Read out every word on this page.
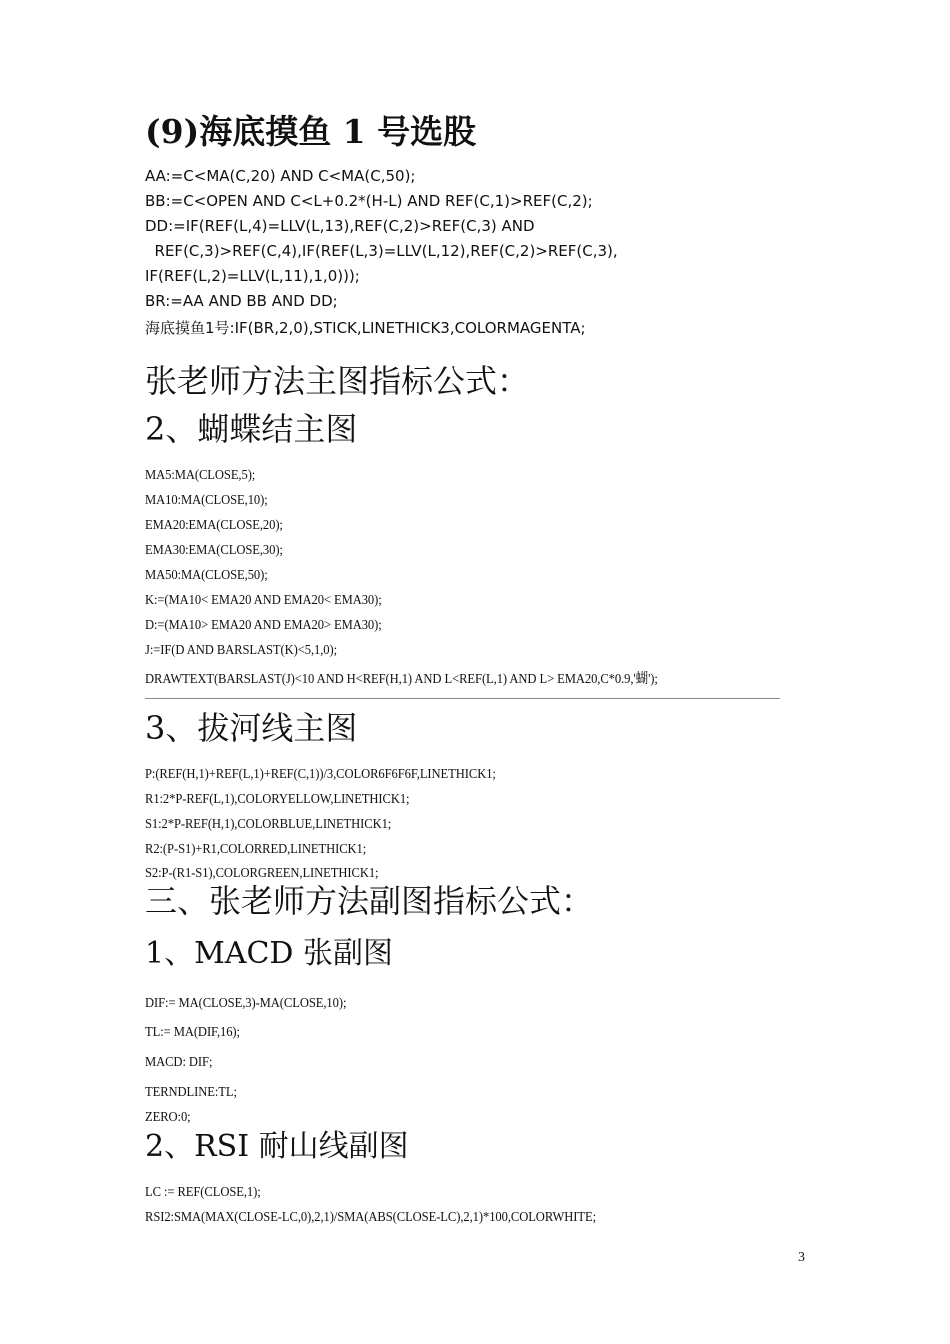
(9)海底摸鱼 1 号选股
AA:=C<MA(C,20) AND C<MA(C,50);
BB:=C<OPEN AND C<L+0.2*(H-L) AND REF(C,1)>REF(C,2);
DD:=IF(REF(L,4)=LLV(L,13),REF(C,2)>REF(C,3) AND
REF(C,3)>REF(C,4),IF(REF(L,3)=LLV(L,12),REF(C,2)>REF(C,3),
IF(REF(L,2)=LLV(L,11),1,0)));
BR:=AA AND BB AND DD;
海底摸鱼1号:IF(BR,2,0),STICK,LINETHICK3,COLORMAGENTA;
张老师方法主图指标公式：
2、蝴蝶结主图
MA5:MA(CLOSE,5);
MA10:MA(CLOSE,10);
EMA20:EMA(CLOSE,20);
EMA30:EMA(CLOSE,30);
MA50:MA(CLOSE,50);
K:=(MA10< EMA20 AND EMA20< EMA30);
D:=(MA10> EMA20 AND EMA20> EMA30);
J:=IF(D AND BARSLAST(K)<5,1,0);
DRAWTEXT(BARSLAST(J)<10 AND H<REF(H,1) AND L<REF(L,1) AND L> EMA20,C*0.9,'蝴');
3、拔河线主图
P:(REF(H,1)+REF(L,1)+REF(C,1))/3,COLOR6F6F6F,LINETHICK1;
R1:2*P-REF(L,1),COLORYELLOW,LINETHICK1;
S1:2*P-REF(H,1),COLORBLUE,LINETHICK1;
R2:(P-S1)+R1,COLORRED,LINETHICK1;
S2:P-(R1-S1),COLORGREEN,LINETHICK1;
三、张老师方法副图指标公式：
1、MACD 张副图
DIF:= MA(CLOSE,3)-MA(CLOSE,10);
TL:= MA(DIF,16);
MACD: DIF;
TERNDLINE:TL;
ZERO:0;
2、RSI 耐山线副图
LC := REF(CLOSE,1);
RSI2:SMA(MAX(CLOSE-LC,0),2,1)/SMA(ABS(CLOSE-LC),2,1)*100,COLORWHITE;
3
